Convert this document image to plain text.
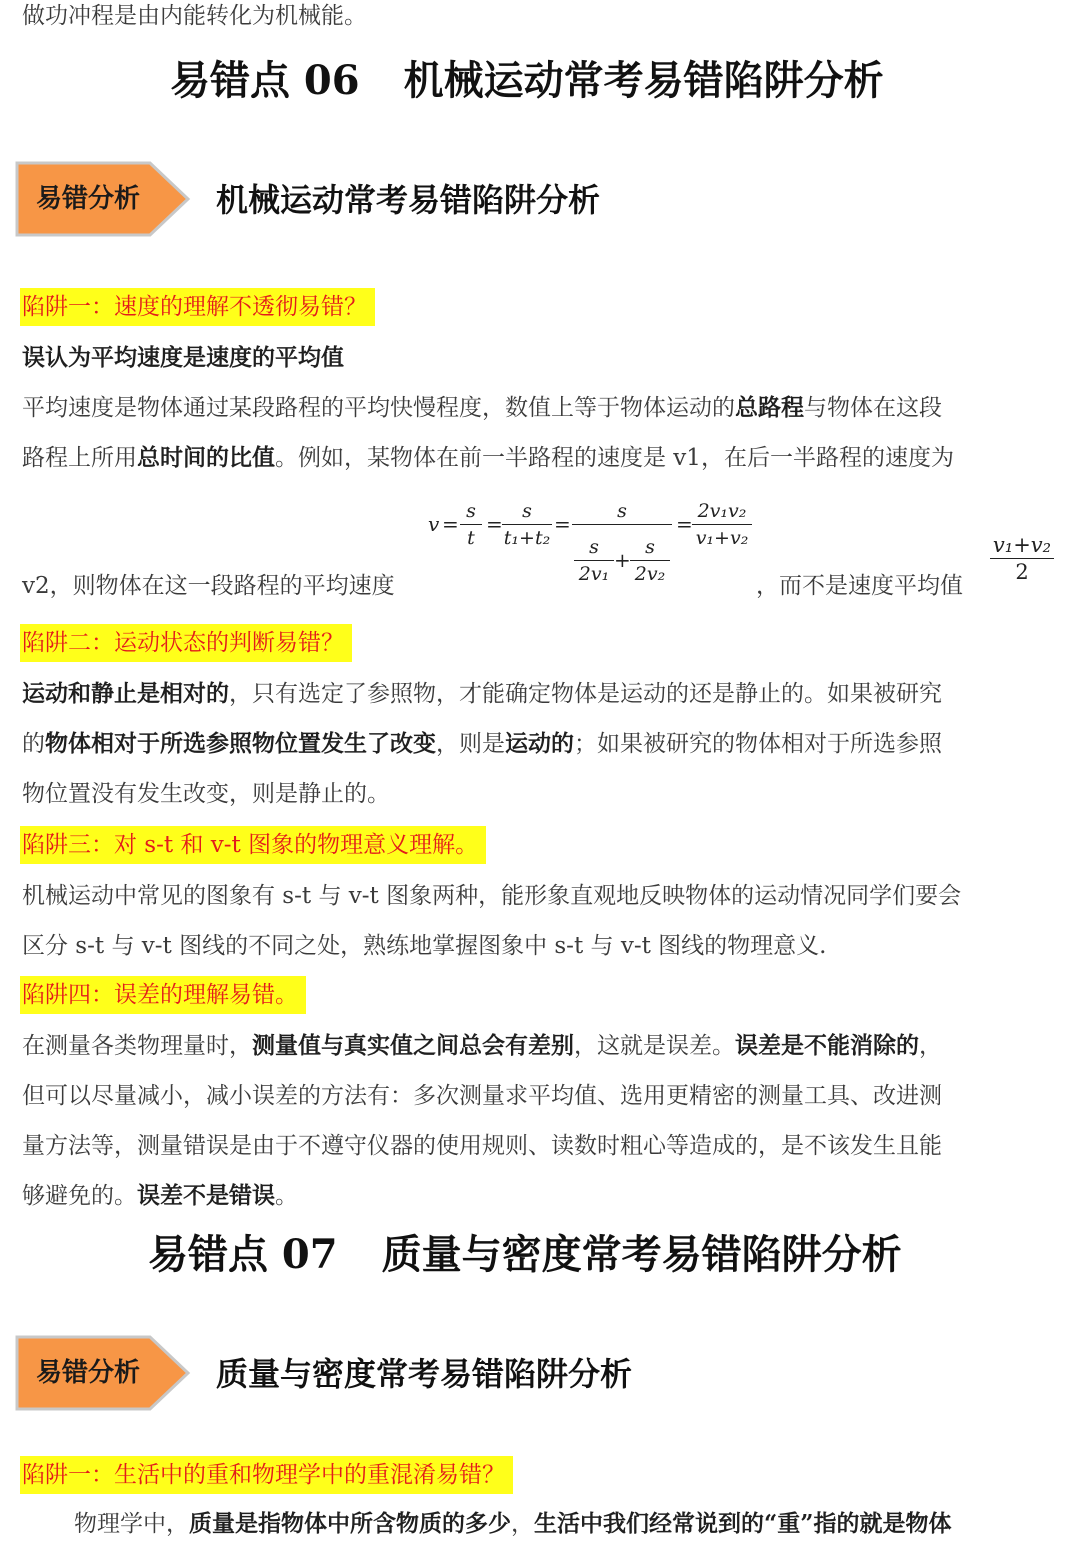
做功冲程是由内能转化为机械能。
易错点 06 机械运动常考易错陷阱分析
易错分析 机械运动常考易错陷阱分析
陷阱一：速度的理解不透彻易错？
误认为平均速度是速度的平均值
平均速度是物体通过某段路程的平均快慢程度，数值上等于物体运动的总路程与物体在这段
路程上所用总时间的比值。例如，某物体在前一半路程的速度是 v1，在后一半路程的速度为
v =
s
t
=
s
t₁+t₂
=
s
s
2v₁
+
s
2v₂
=
2v₁v₂
v₁+v₂
v2，则物体在这一段路程的平均速度	，而不是速度平均值
v₁+v₂
2
陷阱二：运动状态的判断易错？
运动和静止是相对的，只有选定了参照物，才能确定物体是运动的还是静止的。如果被研究
的物体相对于所选参照物位置发生了改变，则是运动的；如果被研究的物体相对于所选参照
物位置没有发生改变，则是静止的。
陷阱三：对 s-t 和 v-t 图象的物理意义理解。
机械运动中常见的图象有 s-t 与 v-t 图象两种，能形象直观地反映物体的运动情况同学们要会
区分 s-t 与 v-t 图线的不同之处，熟练地掌握图象中 s-t 与 v-t 图线的物理意义.
陷阱四：误差的理解易错。
在测量各类物理量时，测量值与真实值之间总会有差别，这就是误差。误差是不能消除的，
但可以尽量减小，减小误差的方法有：多次测量求平均值、选用更精密的测量工具、改进测
量方法等，测量错误是由于不遵守仪器的使用规则、读数时粗心等造成的，是不该发生且能
够避免的。误差不是错误。
易错点 07 质量与密度常考易错陷阱分析
易错分析 质量与密度常考易错陷阱分析
陷阱一：生活中的重和物理学中的重混淆易错？
物理学中，质量是指物体中所含物质的多少，生活中我们经常说到的“重”指的就是物体
